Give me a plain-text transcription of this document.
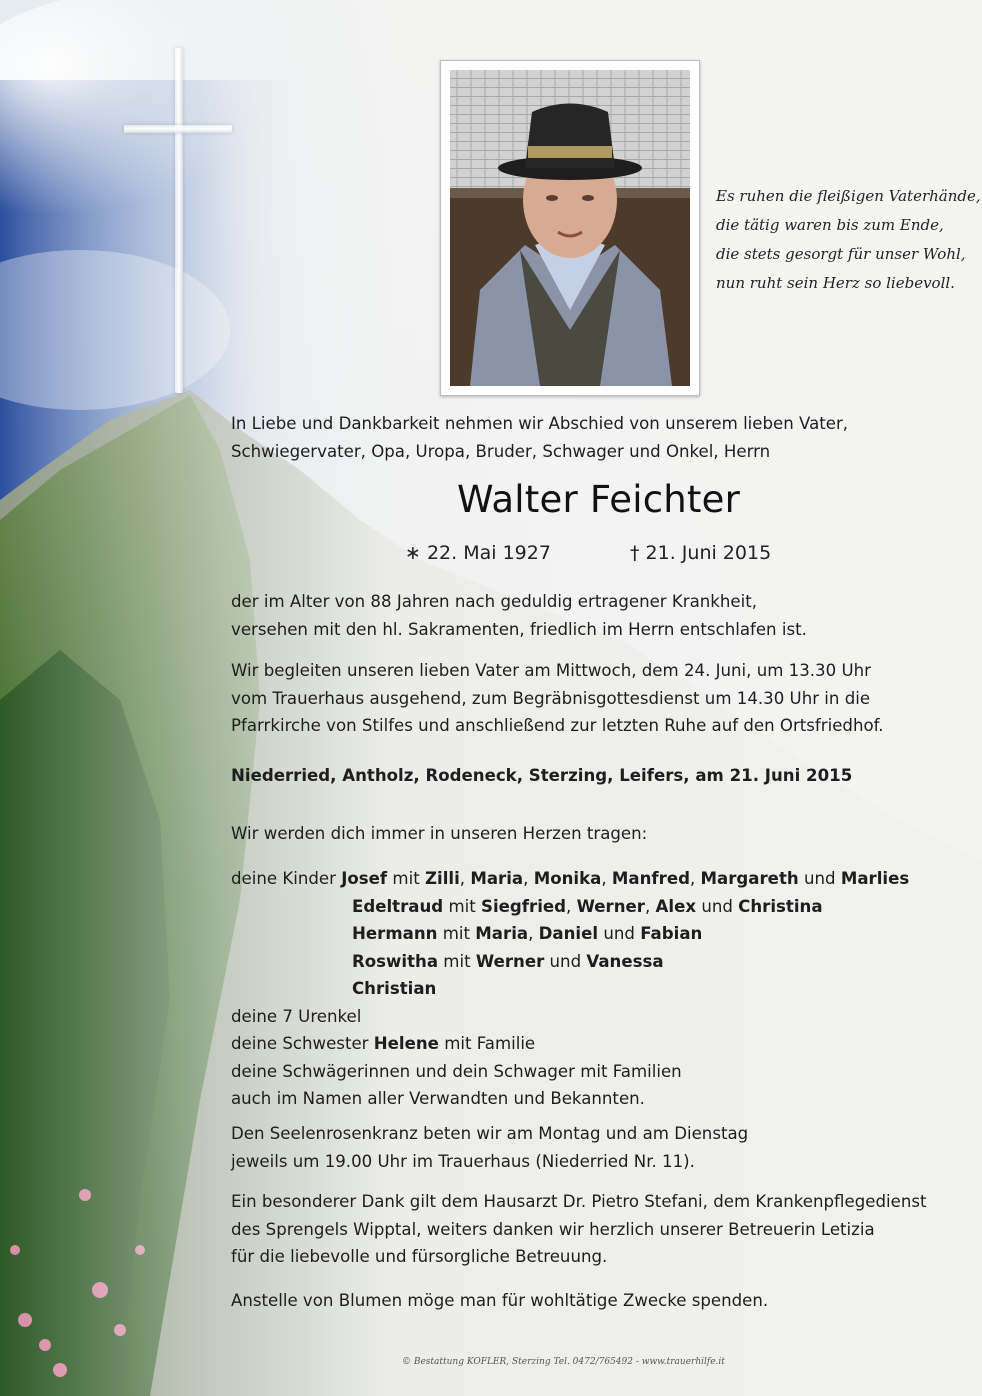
Es ruhen die fleißigen Vaterhände,
die tätig waren bis zum Ende,
die stets gesorgt für unser Wohl,
nun ruht sein Herz so liebevoll.
In Liebe und Dankbarkeit nehmen wir Abschied von unserem lieben Vater,
Schwiegervater, Opa, Uropa, Bruder, Schwager und Onkel, Herrn
Walter Feichter
∗ 22. Mai 1927	† 21. Juni 2015
der im Alter von 88 Jahren nach geduldig ertragener Krankheit,
versehen mit den hl. Sakramenten, friedlich im Herrn entschlafen ist.
Wir begleiten unseren lieben Vater am Mittwoch, dem 24. Juni, um 13.30 Uhr
vom Trauerhaus ausgehend, zum Begräbnisgottesdienst um 14.30 Uhr in die
Pfarrkirche von Stilfes und anschließend zur letzten Ruhe auf den Ortsfriedhof.
Niederried, Antholz, Rodeneck, Sterzing, Leifers, am 21. Juni 2015
Wir werden dich immer in unseren Herzen tragen:
deine Kinder Josef mit Zilli, Maria, Monika, Manfred, Margareth und Marlies
Edeltraud mit Siegfried, Werner, Alex und Christina
Hermann mit Maria, Daniel und Fabian
Roswitha mit Werner und Vanessa
Christian
deine 7 Urenkel
deine Schwester Helene mit Familie
deine Schwägerinnen und dein Schwager mit Familien
auch im Namen aller Verwandten und Bekannten.
Den Seelenrosenkranz beten wir am Montag und am Dienstag
jeweils um 19.00 Uhr im Trauerhaus (Niederried Nr. 11).
Ein besonderer Dank gilt dem Hausarzt Dr. Pietro Stefani, dem Krankenpflegedienst
des Sprengels Wipptal, weiters danken wir herzlich unserer Betreuerin Letizia
für die liebevolle und fürsorgliche Betreuung.
Anstelle von Blumen möge man für wohltätige Zwecke spenden.
© Bestattung KOFLER, Sterzing Tel. 0472/765492 - www.trauerhilfe.it
